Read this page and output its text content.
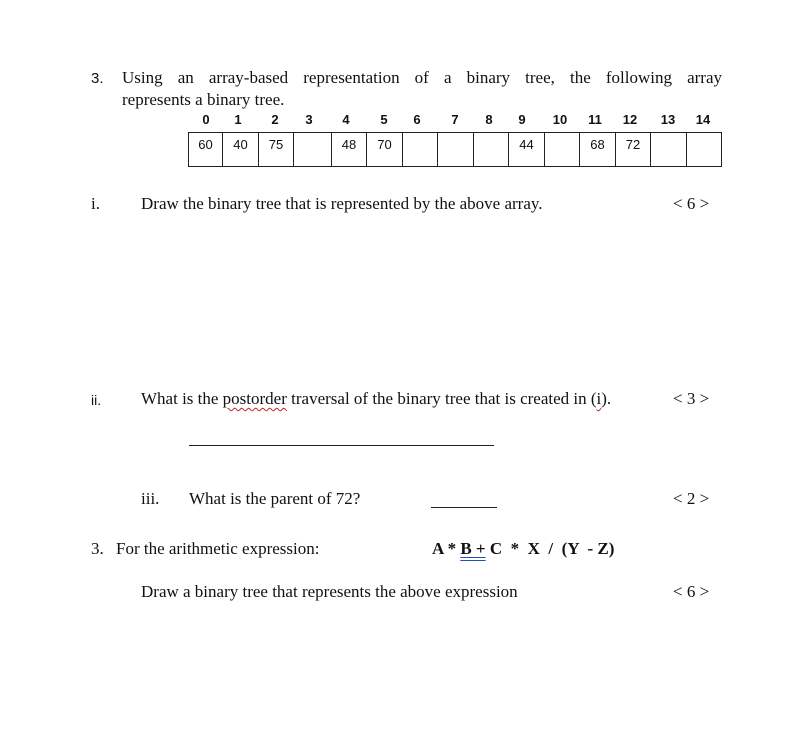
3. Using an array-based representation of a binary tree, the following array
represents a binary tree.
0	1	2	3	4	5	6	7	8	9	10	11	12	13	14
60	40	75		48	70				44		68	72		
i. Draw the binary tree that is represented by the above array.	< 6 >
ii. What is the postorder traversal of the binary tree that is created in (i).	< 3 >
iii. What is the parent of 72?	< 2 >
3. For the arithmetic expression:	A * B + C  *  X  /  (Y  - Z)
Draw a binary tree that represents the above expression	< 6 >
